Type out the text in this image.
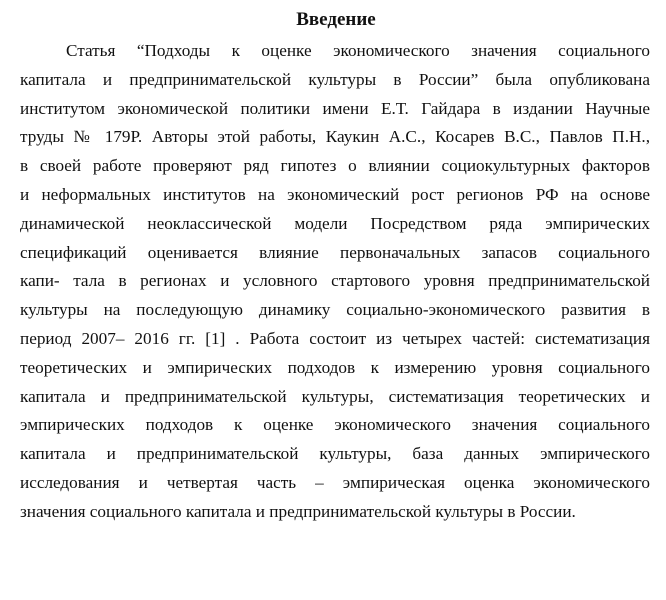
Введение
Статья “Подходы к оценке экономического значения социального
капитала и предпринимательской культуры в России” была опубликована
институтом экономической политики имени Е.Т. Гайдара в издании Научные
труды № 179Р. Авторы этой работы, Каукин А.С., Косарев В.С., Павлов П.Н.,
в своей работе проверяют ряд гипотез о влиянии социокультурных факторов
и неформальных институтов на экономический рост регионов РФ на основе
динамической неоклассической модели Посредством ряда эмпирических
спецификаций оценивается влияние первоначальных запасов социального
капи- тала в регионах и условного стартового уровня предпринимательской
культуры на последующую динамику социально-экономического развития в
период 2007– 2016 гг. [1] . Работа состоит из четырех частей: систематизация
теоретических и эмпирических подходов к измерению уровня социального
капитала и предпринимательской культуры, систематизация теоретических и
эмпирических подходов к оценке экономического значения социального
капитала и предпринимательской культуры, база данных эмпирического
исследования и четвертая часть – эмпирическая оценка экономического
значения социального капитала и предпринимательской культуры в России.
